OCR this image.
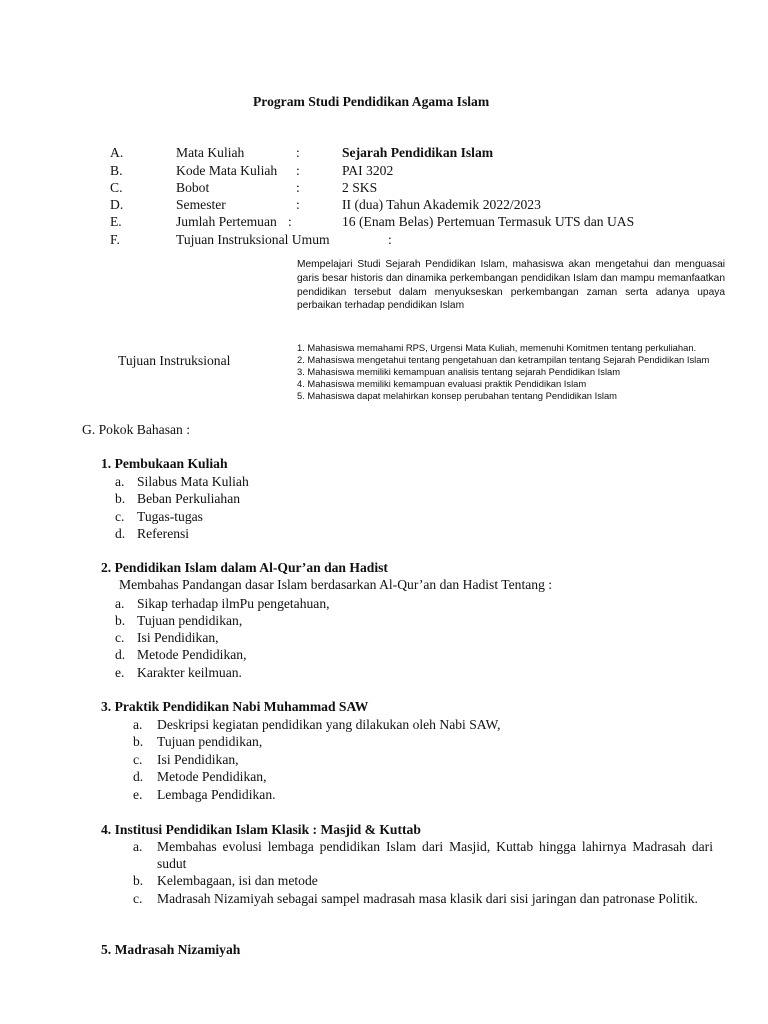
Program Studi Pendidikan Agama Islam
A.	Mata Kuliah	:	Sejarah Pendidikan Islam
B.	Kode Mata Kuliah :	PAI 3202
C.	Bobot	:	2 SKS
D.	Semester	:	II (dua) Tahun Akademik 2022/2023
E.	Jumlah Pertemuan :	16 (Enam Belas) Pertemuan Termasuk UTS dan UAS
F.	Tujuan Instruksional Umum	:
Mempelajari Studi Sejarah Pendidikan Islam, mahasiswa akan mengetahui dan menguasai garis besar historis dan dinamika perkembangan pendidikan Islam dan mampu memanfaatkan pendidikan tersebut dalam menyukseskan perkembangan zaman serta adanya upaya perbaikan terhadap pendidikan Islam
Tujuan Instruksional
1. Mahasiswa memahami RPS, Urgensi Mata Kuliah, memenuhi Komitmen tentang perkuliahan.
2. Mahasiswa mengetahui tentang pengetahuan dan ketrampilan tentang Sejarah Pendidikan Islam
3. Mahasiswa memiliki kemampuan analisis tentang sejarah Pendidikan Islam
4. Mahasiswa memiliki kemampuan evaluasi praktik Pendidikan Islam
5. Mahasiswa dapat melahirkan konsep perubahan tentang Pendidikan Islam
G. Pokok Bahasan :
1. Pembukaan Kuliah
a. Silabus Mata Kuliah
b. Beban Perkuliahan
c. Tugas-tugas
d. Referensi
2. Pendidikan Islam dalam Al-Qur’an dan Hadist
Membahas Pandangan dasar Islam berdasarkan Al-Qur’an dan Hadist Tentang :
a. Sikap terhadap ilmPu pengetahuan,
b. Tujuan pendidikan,
c. Isi Pendidikan,
d. Metode Pendidikan,
e. Karakter keilmuan.
3. Praktik Pendidikan Nabi Muhammad SAW
a. Deskripsi kegiatan pendidikan yang dilakukan oleh Nabi SAW,
b. Tujuan pendidikan,
c. Isi Pendidikan,
d. Metode Pendidikan,
e. Lembaga Pendidikan.
4. Institusi Pendidikan Islam Klasik : Masjid & Kuttab
a. Membahas evolusi lembaga pendidikan Islam dari Masjid, Kuttab hingga lahirnya Madrasah dari sudut
b. Kelembagaan, isi dan metode
c. Madrasah Nizamiyah sebagai sampel madrasah masa klasik dari sisi jaringan dan patronase Politik.
5. Madrasah Nizamiyah
